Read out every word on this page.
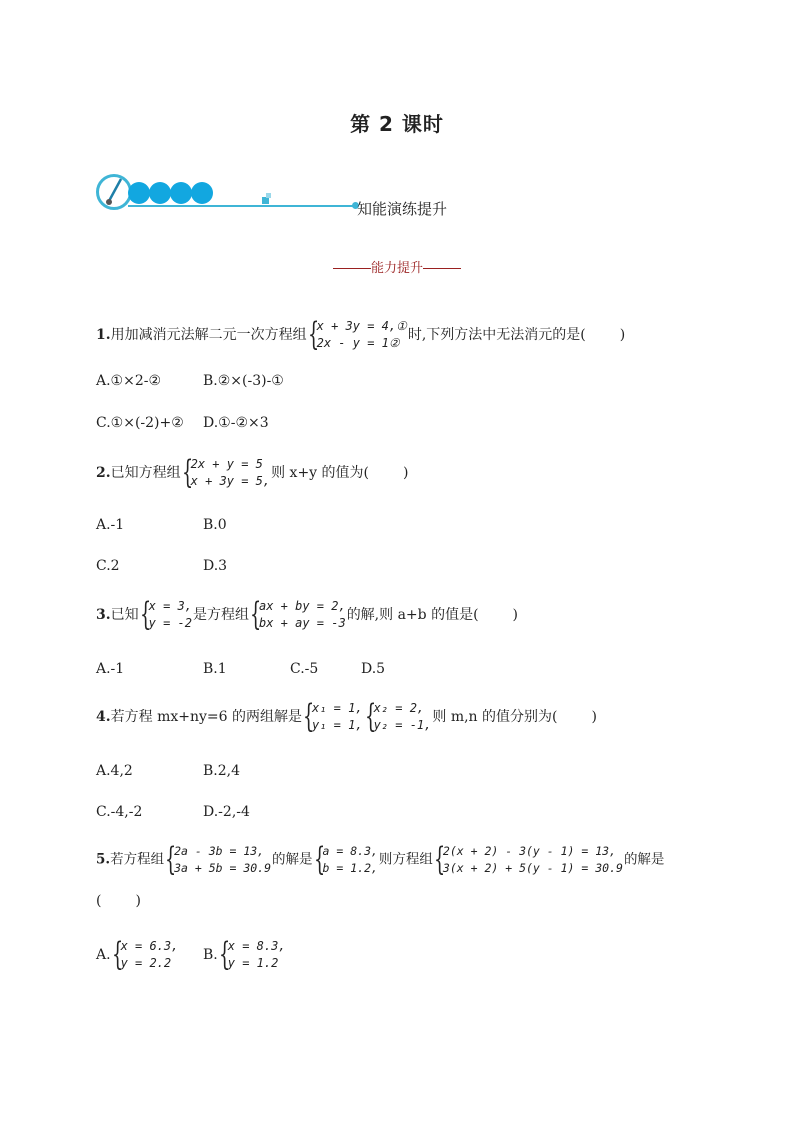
第 2 课时
知能演练提升
能力提升
1.用加减消元法解二元一次方程组 {
x + 3y = 4,①
2x - y = 1② 时,下列方法中无法消元的是( )
A.①×2-②	B.②×(-3)-①
C.①×(-2)+② D.①-②×3
2.已知方程组 {
2x + y = 5
x + 3y = 5, 则 x+y 的值为( )
A.-1	B.0
C.2	D.3
3.已知 {
x = 3,
y = -2 是方程组 {
ax + by = 2,
bx + ay = -3 的解,则 a+b 的值是( )
A.-1	B.1	C.-5	D.5
4.若方程 mx+ny=6 的两组解是 {
x₁ = 1,
y₁ = 1, {
x₂ = 2,
y₂ = -1, 则 m,n 的值分别为( )
A.4,2	B.2,4
C.-4,-2	D.-2,-4
5.若方程组 {
2a - 3b = 13,
3a + 5b = 30.9
的解是 {
a = 8.3,
b = 1.2,
则方程组 {
2(x + 2) - 3(y - 1) = 13,
3(x + 2) + 5(y - 1) = 30.9
的解是
( )
A. {
x = 6.3,
y = 2.2	B. {
x = 8.3,
y = 1.2
